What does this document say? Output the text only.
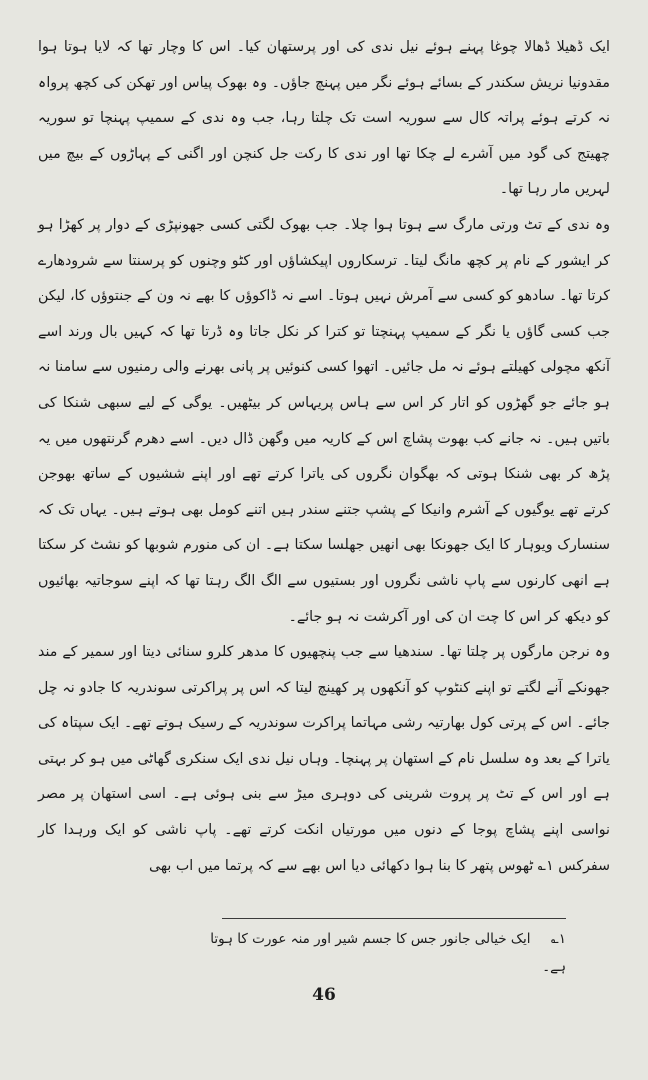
ایک ڈھیلا ڈھالا چوغا پہنے ہوئے نیل ندی کی اور پرستھان کیا۔ اس کا وچار تھا کہ لایا ہوتا ہوا مقدونیا نریش سکندر کے بسائے ہوئے نگر میں پہنچ جاؤں۔ وہ بھوک پیاس اور تھکن کی کچھ پرواہ نہ کرتے ہوئے پراتہ کال سے سوریہ است تک چلتا رہا، جب وہ ندی کے سمیپ پہنچا تو سوریہ چھیتج کی گود میں آشرے لے چکا تھا اور ندی کا رکت جل کنچن اور اگنی کے پہاڑوں کے بیچ میں لہریں مار رہا تھا۔

وہ ندی کے تٹ ورتی مارگ سے ہوتا ہوا چلا۔ جب بھوک لگتی کسی جھونپڑی کے دوار پر کھڑا ہو کر ایشور کے نام پر کچھ مانگ لیتا۔ ترسکاروں اپیکشاؤں اور کٹو وچنوں کو پرسنتا سے شرودھارے کرتا تھا۔ سادھو کو کسی سے آمرش نہیں ہوتا۔ اسے نہ ڈاکوؤں کا بھے نہ ون کے جنتوؤں کا، لیکن جب کسی گاؤں یا نگر کے سمیپ پہنچتا تو کترا کر نکل جاتا وہ ڈرتا تھا کہ کہیں بال ورند اسے آنکھ مچولی کھیلتے ہوئے نہ مل جائیں۔ اتھوا کسی کنوئیں پر پانی بھرنے والی رمنیوں سے سامنا نہ ہو جائے جو گھڑوں کو اتار کر اس سے ہاس پریہاس کر بیٹھیں۔ یوگی کے لیے سبھی شنکا کی باتیں ہیں۔ نہ جانے کب بھوت پشاچ اس کے کاریہ میں وگھن ڈال دیں۔ اسے دھرم گرنتھوں میں یہ پڑھ کر بھی شنکا ہوتی کہ بھگوان نگروں کی یاترا کرتے تھے اور اپنے ششیوں کے ساتھ بھوجن کرتے تھے یوگیوں کے آشرم وانیکا کے پشپ جتنے سندر ہیں اتنے کومل بھی ہوتے ہیں۔ یہاں تک کہ سنسارک ویوہار کا ایک جھونکا بھی انھیں جھلسا سکتا ہے۔ ان کی منورم شوبھا کو نشٹ کر سکتا ہے انھی کارنوں سے پاپ ناشی نگروں اور بستیوں سے الگ الگ رہتا تھا کہ اپنے سوجاتیہ بھائیوں کو دیکھ کر اس کا چت ان کی اور آکرشت نہ ہو جائے۔

وہ نرجن مارگوں پر چلتا تھا۔ سندھیا سے جب پنچھیوں کا مدھر کلرو سنائی دیتا اور سمیر کے مند جھونکے آنے لگتے تو اپنے کنٹوپ کو آنکھوں پر کھینچ لیتا کہ اس پر پراکرتی سوندریہ کا جادو نہ چل جائے۔ اس کے پرتی کول بھارتیہ رشی مہاتما پراکرت سوندریہ کے رسیک ہوتے تھے۔ ایک سپتاہ کی یاترا کے بعد وہ سلسل نام کے استھان پر پہنچا۔ وہاں نیل ندی ایک سنکری گھاٹی میں ہو کر بہتی ہے اور اس کے تٹ پر پروت شرینی کی دوہری میڑ سے بنی ہوئی ہے۔ اسی استھان پر مصر نواسی اپنے پشاچ پوجا کے دنوں میں مورتیاں انکت کرتے تھے۔ پاپ ناشی کو ایک ورہدا کار سفرکس ۱؎ ٹھوس پتھر کا بنا ہوا دکھائی دیا اس بھے سے کہ پرتما میں اب بھی

۱؎ ایک خیالی جانور جس کا جسم شیر اور منہ عورت کا ہوتا ہے۔
46
